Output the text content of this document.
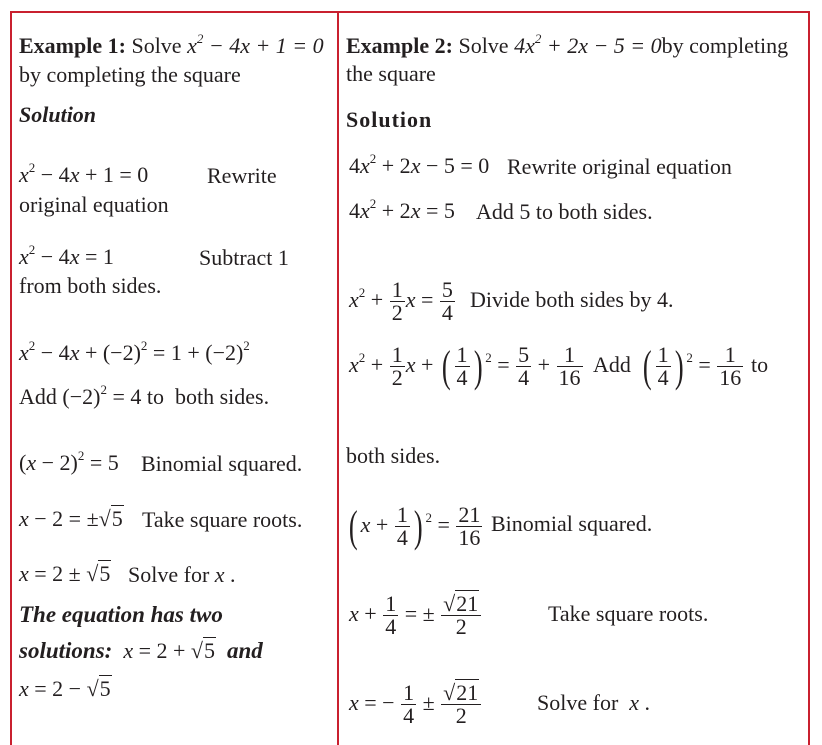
Example 1: Solve $x^2 - 4x + 1 = 0$
by completing the square
Solution
$x^2 - 4x + 1 = 0$	Rewrite
original equation
$x^2 - 4x = 1$	Subtract 1
from both sides.
$x^2 - 4x + (-2)^2 = 1 + (-2)^2$
Add $(-2)^2 = 4$ to  both sides.
$(x - 2)^2 = 5$ Binomial squared.
x − 2 = ±√5 Take square roots.
x = 2 ± √5 Solve for x .
The equation has two
solutions: x = 2 + √5 and
x = 2 − √5
Example 2: Solve $4x^2 + 2x - 5 = 0by$ completing
the square
Solution
$4x^2 + 2x - 5 = 0$ Rewrite original equation
$4x^2 + 2x = 5$ Add 5 to both sides.
$x^2 + \frac{1}{2}$ $x = \frac{5}{4}$ Divide both sides by 4.
$x^2 + \frac{1}{2}$ x + ( $\frac{1}{4}$ ) $^2 = \frac{5}{4} + \frac{1}{16}$ Add ( $\frac{1}{4}$ ) $^2 = \frac{1}{16}$ to
both sides.
( $x + \frac{1}{4}$ ) $^2 = \frac{21}{16}$ Binomial squared.
$x + \frac{1}{4}$ = ± $\frac{√21}{2}$	Take square roots.
x = − $\frac{1}{4} \pm \frac{√21}{2}$	Solve for  x .
